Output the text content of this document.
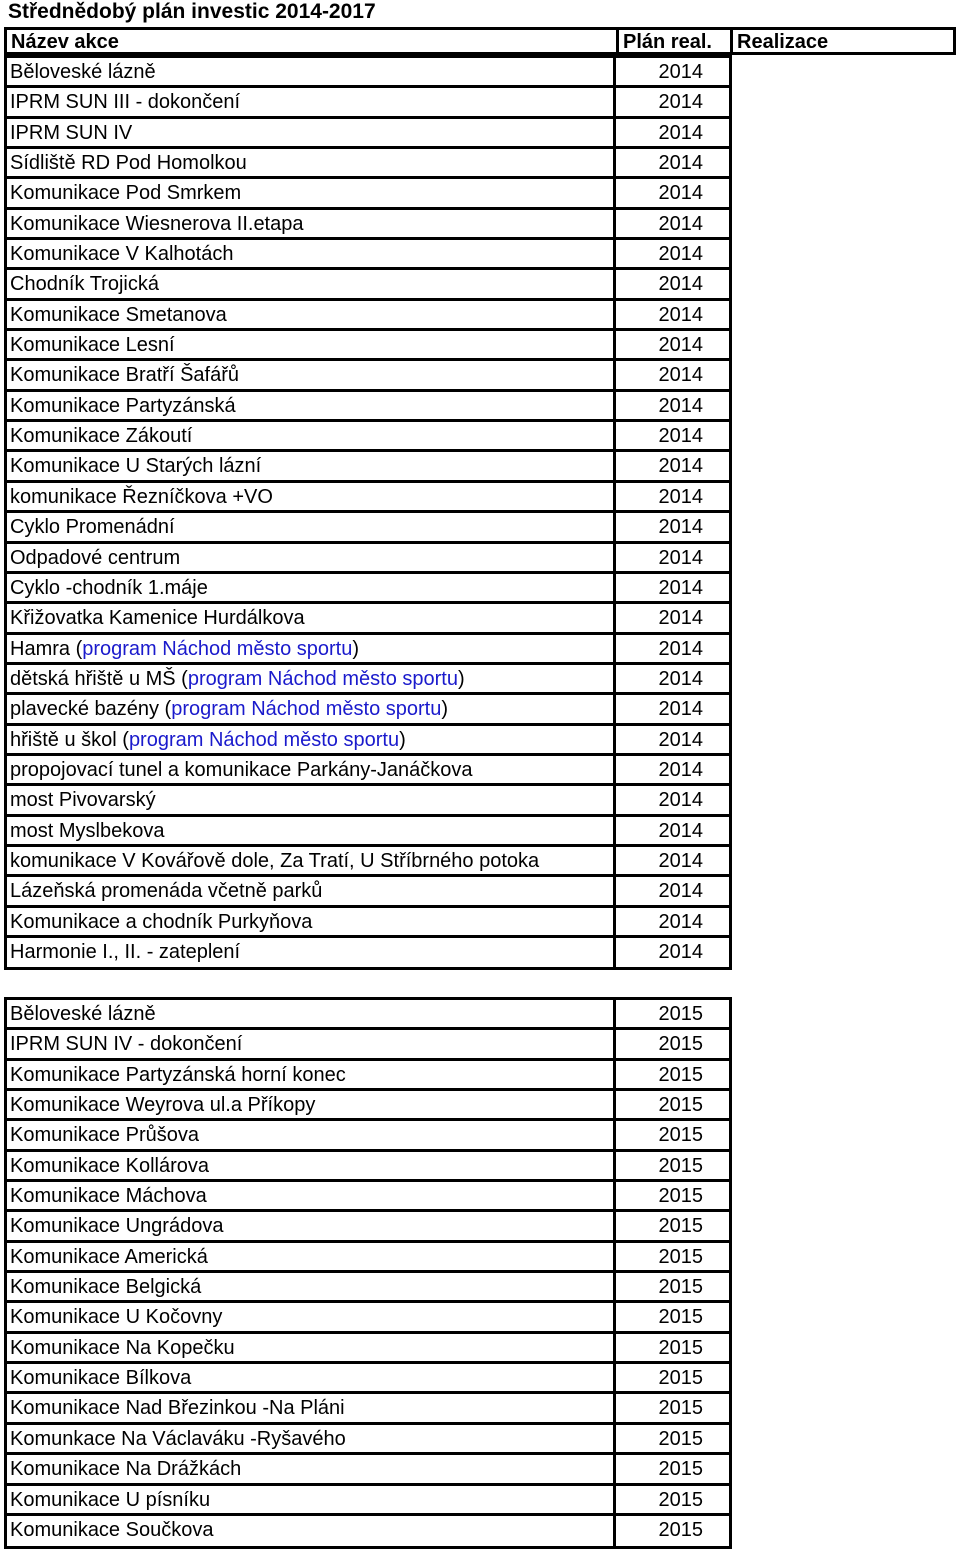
Střednědobý plán investic 2014-2017
Název akce	Plán real.	Realizace
Běloveské lázně	2014
IPRM SUN III - dokončení	2014
IPRM SUN IV	2014
Sídliště RD Pod Homolkou	2014
Komunikace Pod Smrkem	2014
Komunikace Wiesnerova II.etapa	2014
Komunikace V Kalhotách	2014
Chodník Trojická	2014
Komunikace Smetanova	2014
Komunikace Lesní	2014
Komunikace Bratří Šafářů	2014
Komunikace Partyzánská	2014
Komunikace Zákoutí	2014
Komunikace U Starých lázní	2014
komunikace Řezníčkova +VO	2014
Cyklo Promenádní	2014
Odpadové centrum	2014
Cyklo -chodník 1.máje	2014
Křižovatka Kamenice Hurdálkova	2014
Hamra (program Náchod město sportu)	2014
dětská hřiště u MŠ (program Náchod město sportu)	2014
plavecké bazény (program Náchod město sportu)	2014
hřiště u škol (program Náchod město sportu)	2014
propojovací tunel a komunikace Parkány-Janáčkova	2014
most Pivovarský	2014
most Myslbekova	2014
komunikace V Kovářově dole, Za Tratí, U Stříbrného potoka	2014
Lázeňská promenáda včetně parků	2014
Komunikace a chodník Purkyňova	2014
Harmonie I., II. - zateplení	2014
Běloveské lázně	2015
IPRM SUN IV - dokončení	2015
Komunikace Partyzánská horní konec	2015
Komunikace Weyrova ul.a Příkopy	2015
Komunikace Průšova	2015
Komunikace Kollárova	2015
Komunikace Máchova	2015
Komunikace Ungrádova	2015
Komunikace Americká	2015
Komunikace Belgická	2015
Komunikace U Kočovny	2015
Komunikace Na Kopečku	2015
Komunikace Bílkova	2015
Komunikace Nad Březinkou -Na Pláni	2015
Komunkace Na Václaváku -Ryšavého	2015
Komunikace Na Drážkách	2015
Komunikace U písníku	2015
Komunikace Součkova	2015
